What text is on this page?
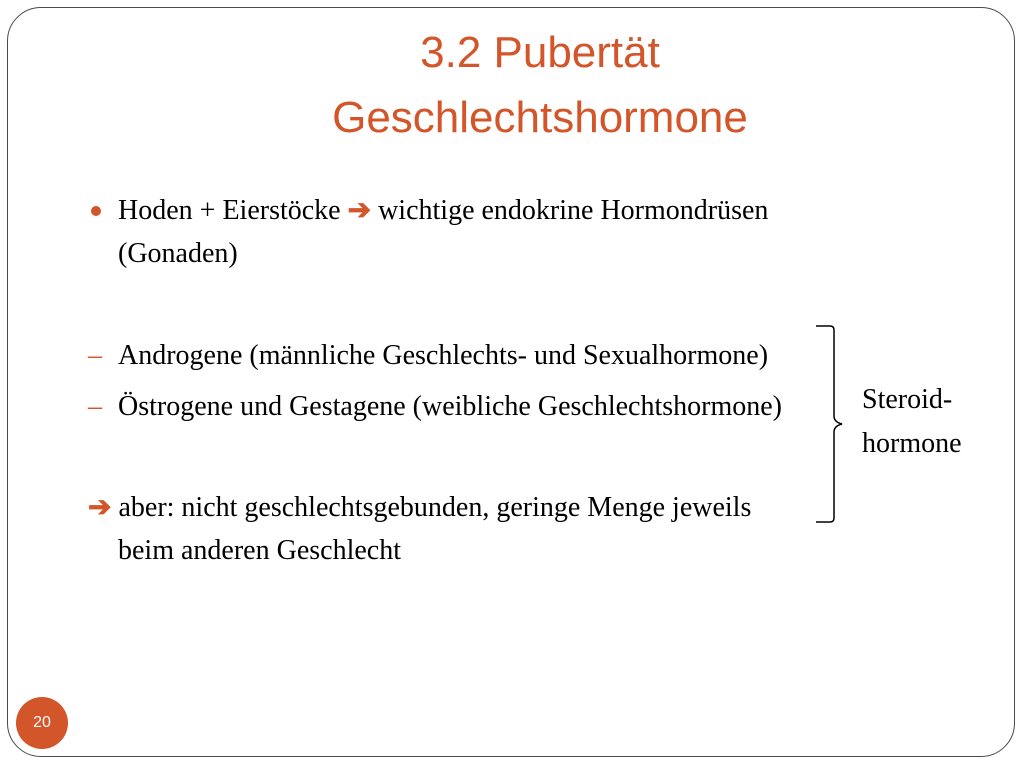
3.2 Pubertät
Geschlechtshormone
Hoden + Eierstöcke ➔ wichtige endokrine Hormondrüsen
(Gonaden)
– Androgene (männliche Geschlechts- und Sexualhormone)
– Östrogene und Gestagene (weibliche Geschlechtshormone)	Steroid-
hormone
➔ aber: nicht geschlechtsgebunden, geringe Menge jeweils
beim anderen Geschlecht
20
